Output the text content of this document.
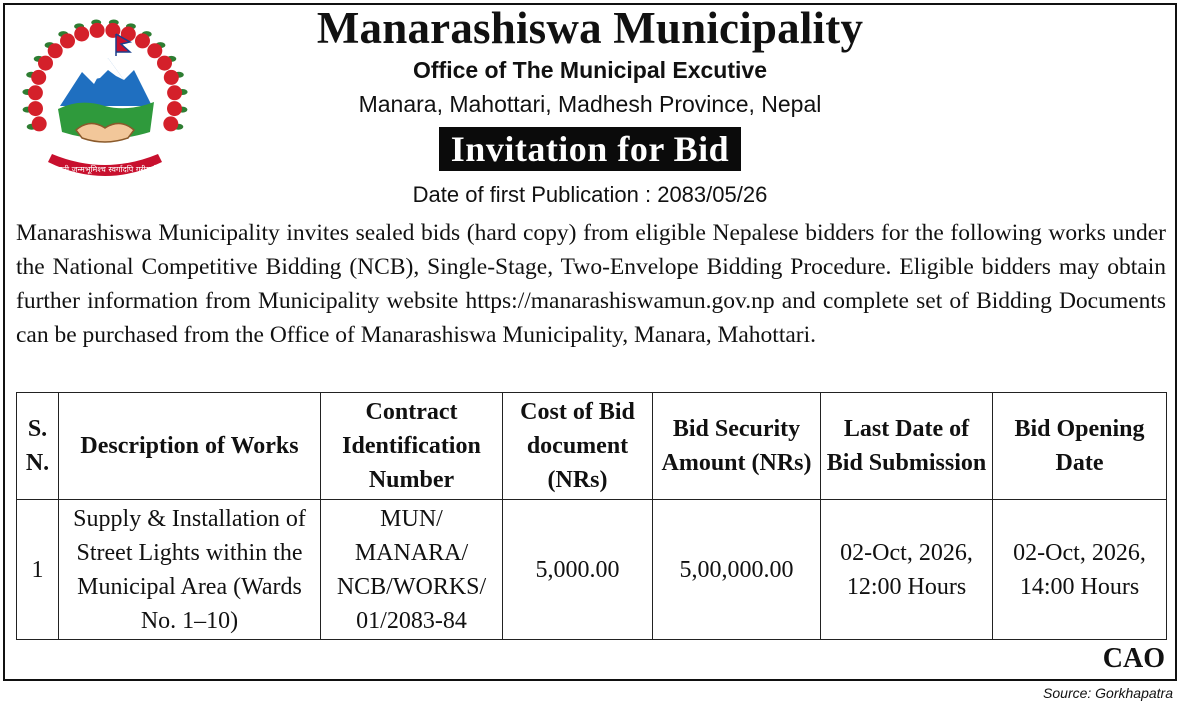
जननी जन्मभूमिश्च स्वर्गादपि गरीयसी
Manarashiswa Municipality
Office of The Municipal Excutive
Manara, Mahottari, Madhesh Province, Nepal
Invitation for Bid
Date of first Publication : 2083/05/26

Manarashiswa Municipality invites sealed bids (hard copy) from eligible Nepalese bidders for the following works under the National Competitive Bidding (NCB), Single-Stage, Two-Envelope Bidding Procedure. Eligible bidders may obtain further information from Municipality website https://manarashiswamun.gov.np and complete set of Bidding Documents can be purchased from the Office of Manarashiswa Municipality, Manara, Mahottari.

S. N.	Description of Works	Contract Identification Number	Cost of Bid document (NRs)	Bid Security Amount (NRs)	Last Date of Bid Submission	Bid Opening Date
1	Supply & Installation of Street Lights within the Municipal Area (Wards No. 1–10)	MUN/ MANARA/ NCB/WORKS/ 01/2083-84	5,000.00	5,00,000.00	02-Oct, 2026, 12:00 Hours	02-Oct, 2026, 14:00 Hours
CAO
Source: Gorkhapatra
